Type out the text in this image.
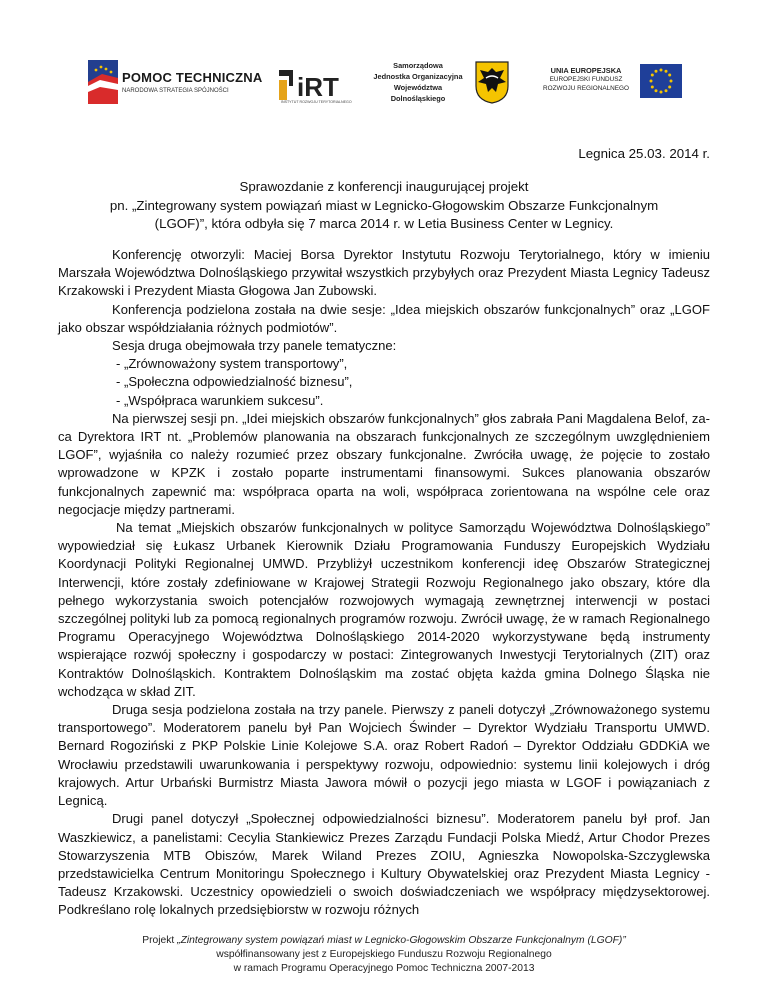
POMOC TECHNICZNA
NARODOWA STRATEGIA SPÓJNOŚCI	iRT
INSTYTUT ROZWOJU TERYTORIALNEGO
Samorządowa
Jednostka Organizacyjna
Województwa Dolnośląskiego
UNIA EUROPEJSKA
EUROPEJSKI FUNDUSZ
ROZWOJU REGIONALNEGO
Legnica 25.03. 2014 r.
Sprawozdanie z konferencji inaugurującej projekt
pn. „Zintegrowany system powiązań miast w Legnicko-Głogowskim Obszarze Funkcjonalnym
(LGOF)”, która odbyła się 7 marca 2014 r. w Letia Business Center w Legnicy.

Konferencję otworzyli: Maciej Borsa Dyrektor Instytutu Rozwoju Terytorialnego, który w imieniu Marszała Województwa Dolnośląskiego przywitał wszystkich przybyłych oraz Prezydent Miasta Legnicy Tadeusz Krzakowski i Prezydent Miasta Głogowa Jan Zubowski.

Konferencja podzielona została na dwie sesje: „Idea miejskich obszarów funkcjonalnych” oraz „LGOF jako obszar współdziałania różnych podmiotów”.

Sesja druga obejmowała trzy panele tematyczne:

- „Zrównoważony system transportowy”,
- „Społeczna odpowiedzialność biznesu”,
- „Współpraca warunkiem sukcesu”.

Na pierwszej sesji pn. „Idei miejskich obszarów funkcjonalnych” głos zabrała Pani Magdalena Belof, za-ca Dyrektora IRT nt. „Problemów planowania na obszarach funkcjonalnych ze szczególnym uwzględnieniem LGOF”, wyjaśniła co należy rozumieć przez obszary funkcjonalne. Zwróciła uwagę, że pojęcie to zostało wprowadzone w KPZK i zostało poparte instrumentami finansowymi. Sukces planowania obszarów funkcjonalnych zapewnić ma: współpraca oparta na woli, współpraca zorientowana na wspólne cele oraz negocjacje między partnerami.

Na temat „Miejskich obszarów funkcjonalnych w polityce Samorządu Województwa Dolnośląskiego” wypowiedział się Łukasz Urbanek Kierownik Działu Programowania Funduszy Europejskich Wydziału Koordynacji Polityki Regionalnej UMWD. Przybliżył uczestnikom konferencji ideę Obszarów Strategicznej Interwencji, które zostały zdefiniowane w Krajowej Strategii Rozwoju Regionalnego jako obszary, które dla pełnego wykorzystania swoich potencjałów rozwojowych wymagają zewnętrznej interwencji w postaci szczególnej polityki lub za pomocą regionalnych programów rozwoju. Zwrócił uwagę, że w ramach Regionalnego Programu Operacyjnego Województwa Dolnośląskiego 2014-2020 wykorzystywane będą instrumenty wspierające rozwój społeczny i gospodarczy w postaci: Zintegrowanych Inwestycji Terytorialnych (ZIT) oraz Kontraktów Dolnośląskich. Kontraktem Dolnośląskim ma zostać objęta każda gmina Dolnego Śląska nie wchodząca w skład ZIT.

Druga sesja podzielona została na trzy panele. Pierwszy z paneli dotyczył „Zrównoważonego systemu transportowego”. Moderatorem panelu był Pan Wojciech Świnder – Dyrektor Wydziału Transportu UMWD. Bernard Rogoziński z PKP Polskie Linie Kolejowe S.A. oraz Robert Radoń – Dyrektor Oddziału GDDKiA we Wrocławiu przedstawili uwarunkowania i perspektywy rozwoju, odpowiednio: systemu linii kolejowych i dróg krajowych. Artur Urbański Burmistrz Miasta Jawora mówił o pozycji jego miasta w LGOF i powiązaniach z Legnicą.

Drugi panel dotyczył „Społecznej odpowiedzialności biznesu”. Moderatorem panelu był prof. Jan Waszkiewicz, a panelistami: Cecylia Stankiewicz Prezes Zarządu Fundacji Polska Miedź, Artur Chodor Prezes Stowarzyszenia MTB Obiszów, Marek Wiland Prezes ZOIU, Agnieszka Nowopolska-Szczyglewska przedstawicielka Centrum Monitoringu Społecznego i Kultury Obywatelskiej oraz Prezydent Miasta Legnicy - Tadeusz Krzakowski. Uczestnicy opowiedzieli o swoich doświadczeniach we współpracy międzysektorowej. Podkreślano rolę lokalnych przedsiębiorstw w rozwoju różnych

Projekt „Zintegrowany system powiązań miast w Legnicko-Głogowskim Obszarze Funkcjonalnym (LGOF)”
współfinansowany jest z Europejskiego Funduszu Rozwoju Regionalnego
w ramach Programu Operacyjnego Pomoc Techniczna 2007-2013
